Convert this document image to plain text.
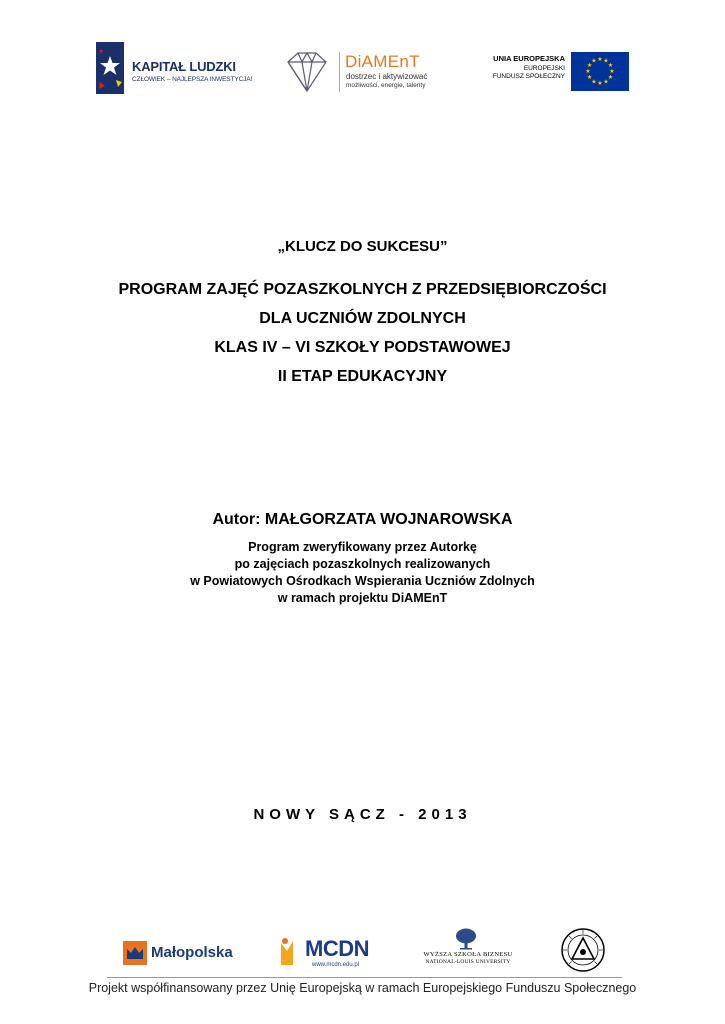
KAPITAŁ LUDZKI
CZŁOWIEK – NAJLEPSZA INWESTYCJA!
DiAMEnT
dostrzec i aktywizować
możliwości, energie, talenty
UNIA EUROPEJSKA
EUROPEJSKI
FUNDUSZ SPOŁECZNY
★ ★
★
★
★
★
★
★
★
★
★
★
„KLUCZ DO SUKCESU”
PROGRAM ZAJĘĆ POZASZKOLNYCH Z PRZEDSIĘBIORCZOŚCI
DLA UCZNIÓW ZDOLNYCH
KLAS IV – VI SZKOŁY PODSTAWOWEJ
II ETAP EDUKACYJNY
Autor: MAŁGORZATA WOJNAROWSKA
Program zweryfikowany przez Autorkę
po zajęciach pozaszkolnych realizowanych
w Powiatowych Ośrodkach Wspierania Uczniów Zdolnych
w ramach projektu DiAMEnT
NOWY SĄCZ - 2013
Małopolska	MCDN
www.mcdn.edu.pl
WYŻSZA SZKOŁA BIZNESU
NATIONAL-LOUIS UNIVERSITY
Projekt współfinansowany przez Unię Europejską w ramach Europejskiego Funduszu Społecznego
